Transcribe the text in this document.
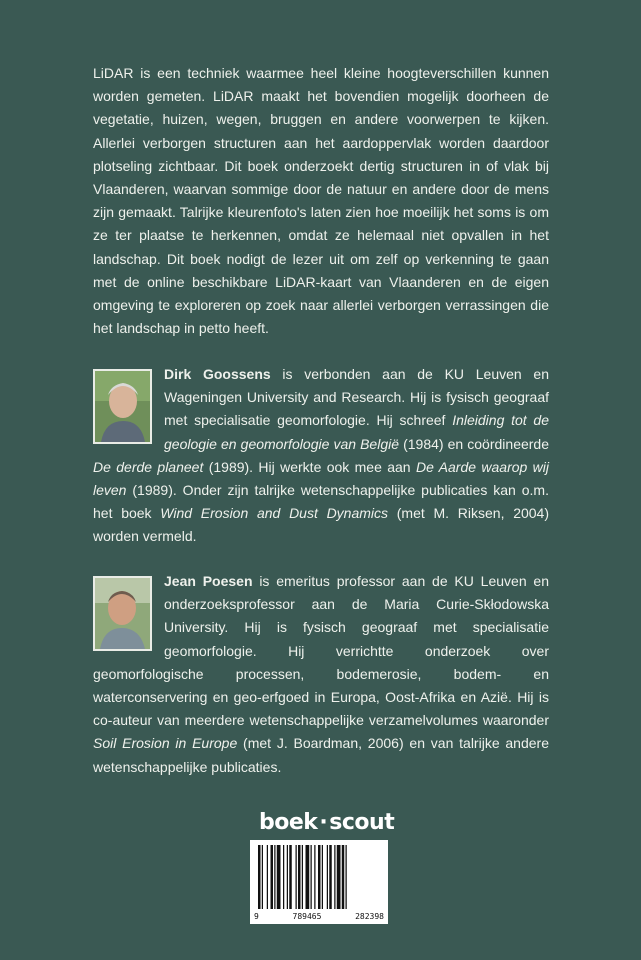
LiDAR is een techniek waarmee heel kleine hoogteverschillen kunnen worden gemeten. LiDAR maakt het bovendien mogelijk doorheen de vegetatie, huizen, wegen, bruggen en andere voorwerpen te kijken. Allerlei verborgen structuren aan het aardoppervlak worden daardoor plotseling zichtbaar. Dit boek onderzoekt dertig structuren in of vlak bij Vlaanderen, waarvan sommige door de natuur en andere door de mens zijn gemaakt. Talrijke kleurenfoto's laten zien hoe moeilijk het soms is om ze ter plaatse te herkennen, omdat ze helemaal niet opvallen in het landschap. Dit boek nodigt de lezer uit om zelf op verkenning te gaan met de online beschikbare LiDAR-kaart van Vlaanderen en de eigen omgeving te exploreren op zoek naar allerlei verborgen verrassingen die het landschap in petto heeft.

Dirk Goossens is verbonden aan de KU Leuven en Wageningen University and Research. Hij is fysisch geograaf met specialisatie geomorfologie. Hij schreef Inleiding tot de geologie en geomorfologie van België (1984) en coördineerde De derde planeet (1989). Hij werkte ook mee aan De Aarde waarop wij leven (1989). Onder zijn talrijke wetenschappelijke publicaties kan o.m. het boek Wind Erosion and Dust Dynamics (met M. Riksen, 2004) worden vermeld.
Jean Poesen is emeritus professor aan de KU Leuven en onderzoeksprofessor aan de Maria Curie-Skłodowska University. Hij is fysisch geograaf met specialisatie geomorfologie. Hij verrichtte onderzoek over geomorfologische processen, bodemerosie, bodem- en waterconservering en geo-erfgoed in Europa, Oost-Afrika en Azië. Hij is co-auteur van meerdere wetenschappelijke verzamelvolumes waaronder Soil Erosion in Europe (met J. Boardman, 2006) en van talrijke andere wetenschappelijke publicaties.
boek·scout
9	789465	282398
